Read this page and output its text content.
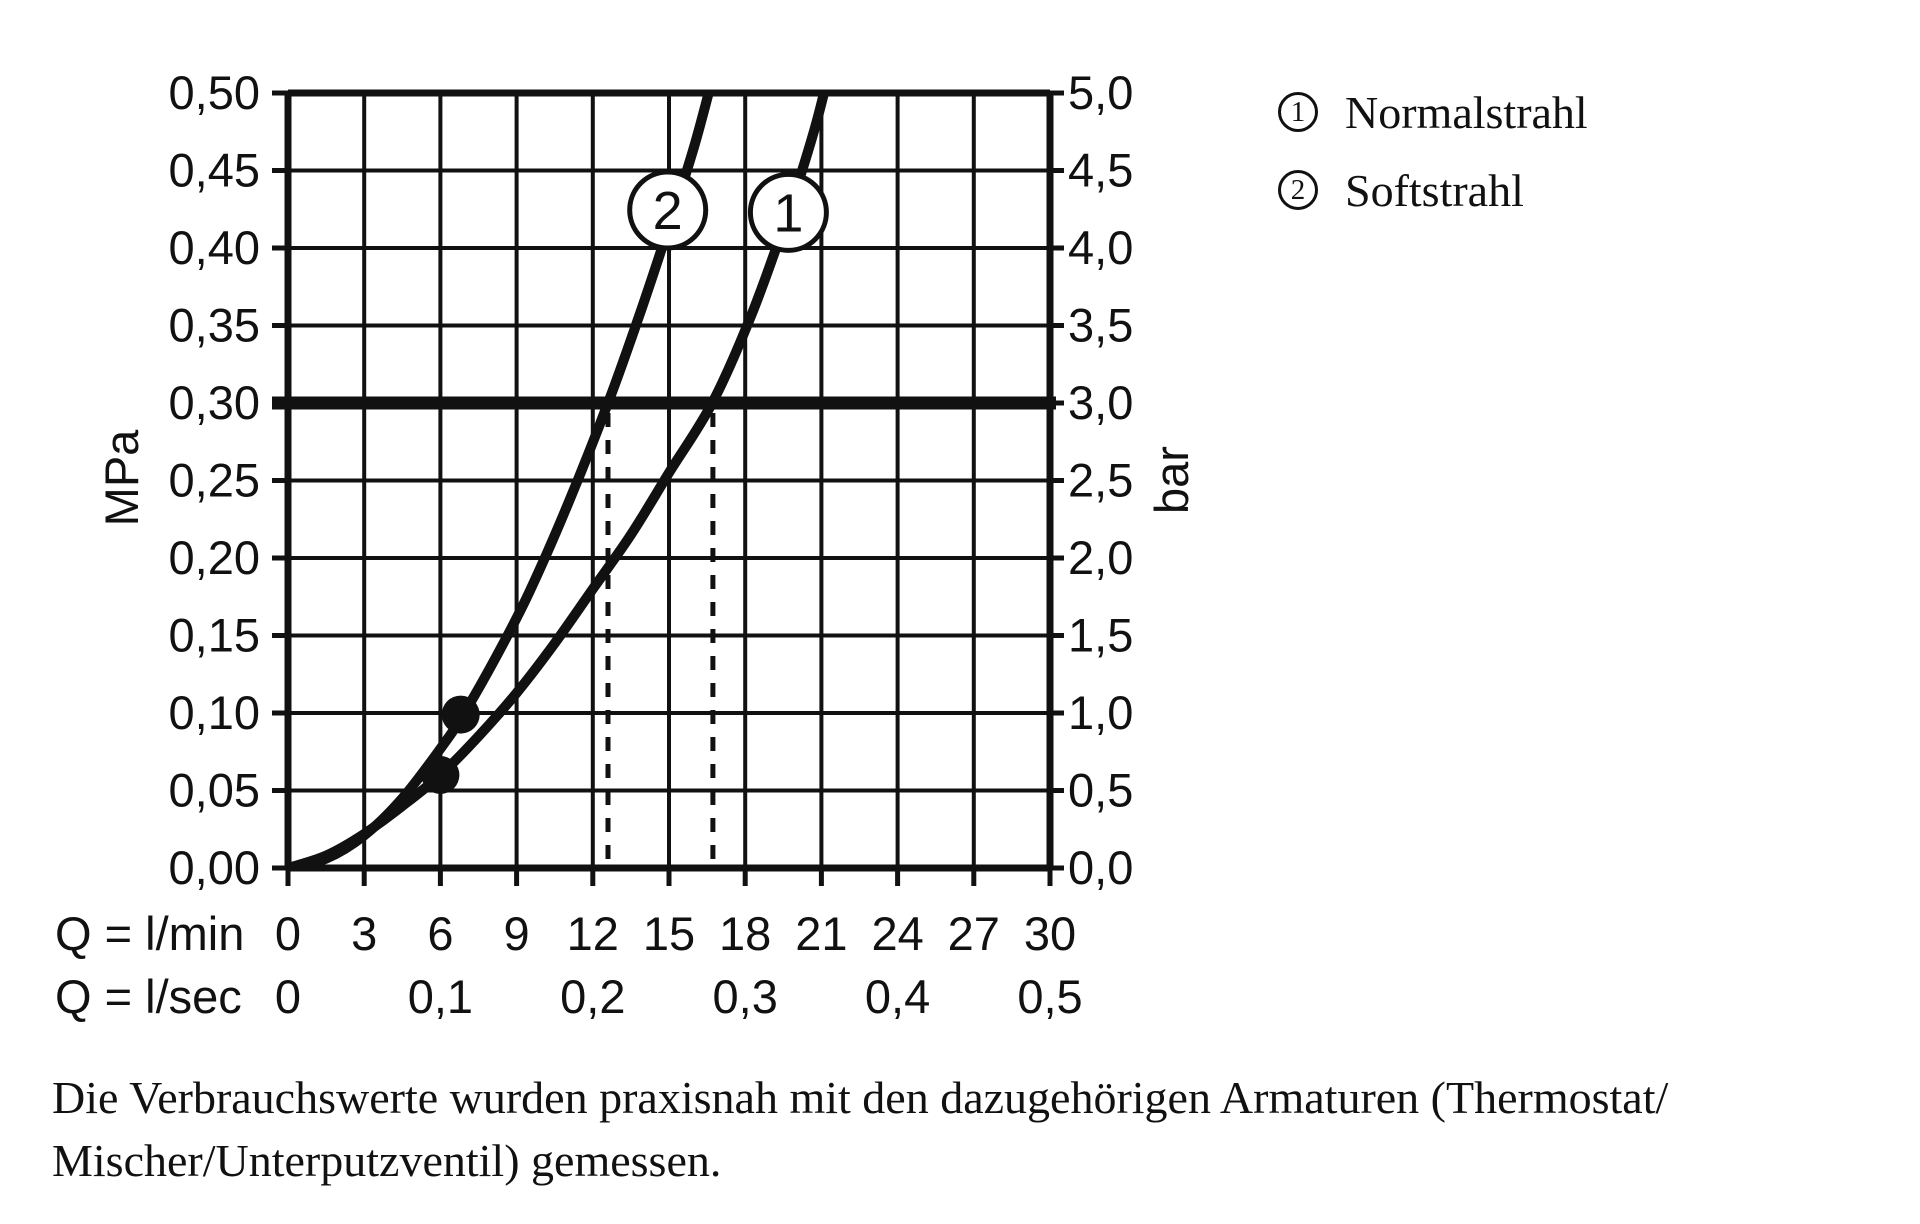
0,50	5,0
0,45	4,5
0,40	4,0
0,35	3,5
0,30	3,0
0,25	2,5
0,20	2,0
0,15	1,5
0,10	1,0
0,05	0,5
0,00	0,0
Q = l/min 0 3 6 9 12 15 18 21 24 27 30
Q = l/sec 0 0,1 0,2 0,3 0,4 0,5
1
2
MPa	bar
1 Normalstrahl
2 Softstrahl
Die Verbrauchswerte wurden praxisnah mit den dazugehörigen Armaturen (Thermostat/
Mischer/Unterputzventil) gemessen.
